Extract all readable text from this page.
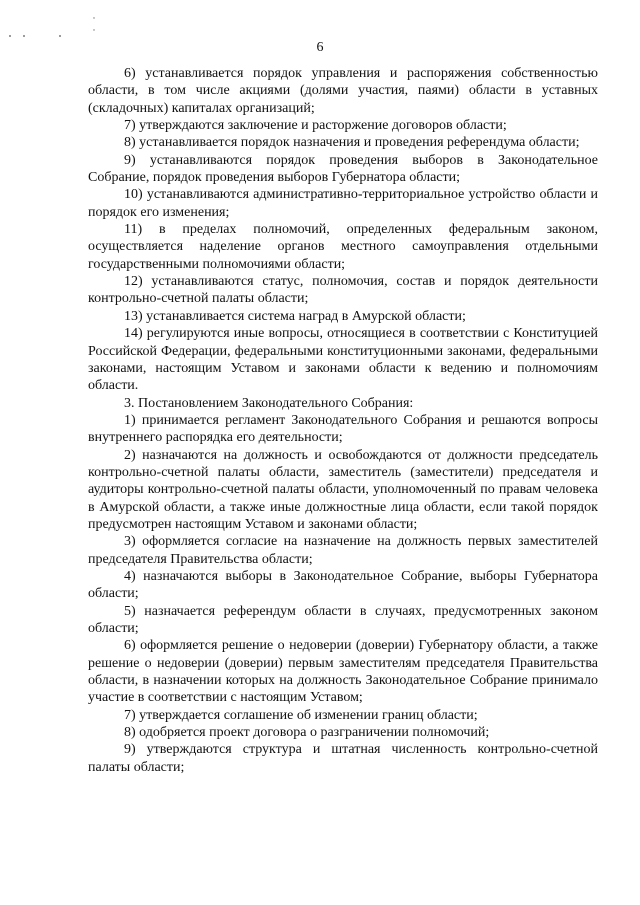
6

6) устанавливается порядок управления и распоряжения собственностью области, в том числе акциями (долями участия, паями) области в уставных (складочных) капиталах организаций;

7) утверждаются заключение и расторжение договоров области;

8) устанавливается порядок назначения и проведения референдума области;

9) устанавливаются порядок проведения выборов в Законодательное Собрание, порядок проведения выборов Губернатора области;

10) устанавливаются административно-территориальное устройство области и порядок его изменения;

11) в пределах полномочий, определенных федеральным законом, осуществляется наделение органов местного самоуправления отдельными государственными полномочиями области;

12) устанавливаются статус, полномочия, состав и порядок деятельности контрольно-счетной палаты области;

13) устанавливается система наград в Амурской области;

14) регулируются иные вопросы, относящиеся в соответствии с Конституцией Российской Федерации, федеральными конституционными законами, федеральными законами, настоящим Уставом и законами области к ведению и полномочиям области.

3. Постановлением Законодательного Собрания:

1) принимается регламент Законодательного Собрания и решаются вопросы внутреннего распорядка его деятельности;

2) назначаются на должность и освобождаются от должности председатель контрольно-счетной палаты области, заместитель (заместители) председателя и аудиторы контрольно-счетной палаты области, уполномоченный по правам человека в Амурской области, а также иные должностные лица области, если такой порядок предусмотрен настоящим Уставом и законами области;

3) оформляется согласие на назначение на должность первых заместителей председателя Правительства области;

4) назначаются выборы в Законодательное Собрание, выборы Губернатора области;

5) назначается референдум области в случаях, предусмотренных законом области;

6) оформляется решение о недоверии (доверии) Губернатору области, а также решение о недоверии (доверии) первым заместителям председателя Правительства области, в назначении которых на должность Законодательное Собрание принимало участие в соответствии с настоящим Уставом;

7) утверждается соглашение об изменении границ области;

8) одобряется проект договора о разграничении полномочий;

9) утверждаются структура и штатная численность контрольно-счетной палаты области;
